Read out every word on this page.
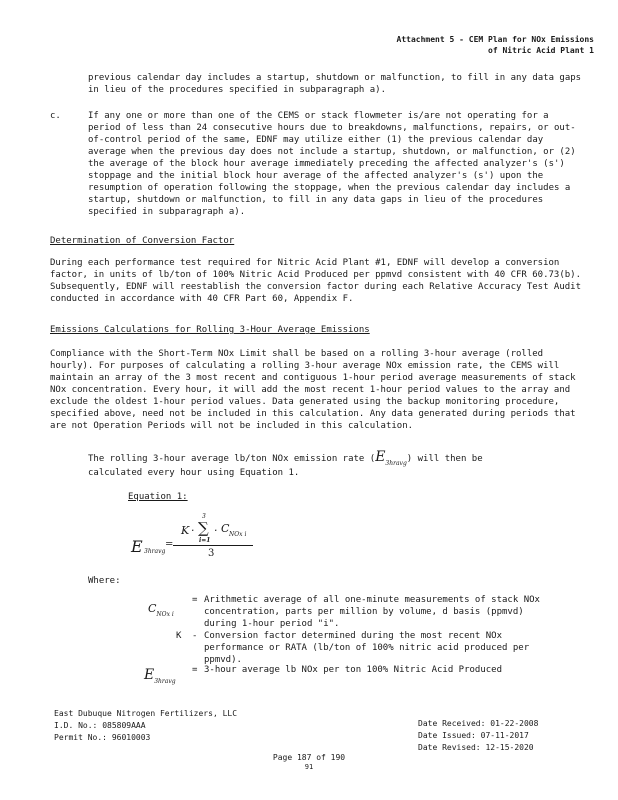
Attachment 5 - CEM Plan for NOx Emissions
of Nitric Acid Plant 1
previous calendar day includes a startup, shutdown or malfunction, to fill in any data gaps in lieu of the procedures specified in subparagraph a).
c.	If any one or more than one of the CEMS or stack flowmeter is/are not operating for a period of less than 24 consecutive hours due to breakdowns, malfunctions, repairs, or out-of-control period of the same, EDNF may utilize either (1) the previous calendar day average when the previous day does not include a startup, shutdown, or malfunction, or (2) the average of the block hour average immediately preceding the affected analyzer's (s') stoppage and the initial block hour average of the affected analyzer's (s') upon the resumption of operation following the stoppage, when the previous calendar day includes a startup, shutdown or malfunction, to fill in any data gaps in lieu of the procedures specified in subparagraph a).
Determination of Conversion Factor
During each performance test required for Nitric Acid Plant #1, EDNF will develop a conversion factor, in units of lb/ton of 100% Nitric Acid Produced per ppmvd consistent with 40 CFR 60.73(b). Subsequently, EDNF will reestablish the conversion factor during each Relative Accuracy Test Audit conducted in accordance with 40 CFR Part 60, Appendix F.
Emissions Calculations for Rolling 3-Hour Average Emissions
Compliance with the Short-Term NOx Limit shall be based on a rolling 3-hour average (rolled hourly). For purposes of calculating a rolling 3-hour average NOx emission rate, the CEMS will maintain an array of the 3 most recent and contiguous 1-hour period average measurements of stack NOx concentration. Every hour, it will add the most recent 1-hour period values to the array and exclude the oldest 1-hour period values. Data generated using the backup monitoring procedure, specified above, need not be included in this calculation. Any data generated during periods that are not Operation Periods will not be included in this calculation.
The rolling 3-hour average lb/ton NOx emission rate $(E_{3hravg})$ will then be
calculated every hour using Equation 1.
Equation 1:
K ·
3
∑
i=1
· C NOx i
3
E 3hravg
=
Where:
$C_{NOx i}$
= Arithmetic average of all one-minute measurements of stack NOx concentration, parts per million by volume, d basis (ppmvd) during 1-hour period "i".
K - Conversion factor determined during the most recent NOx performance or RATA (lb/ton of 100% nitric acid produced per ppmvd).
$E_{3hravg}$
= 3-hour average lb NOx per ton 100% Nitric Acid Produced
East Dubuque Nitrogen Fertilizers, LLC
I.D. No.: 085809AAA
Permit No.: 96010003
Date Received: 01-22-2008
Date Issued: 07-11-2017
Date Revised: 12-15-2020
Page 187 of 190
91
